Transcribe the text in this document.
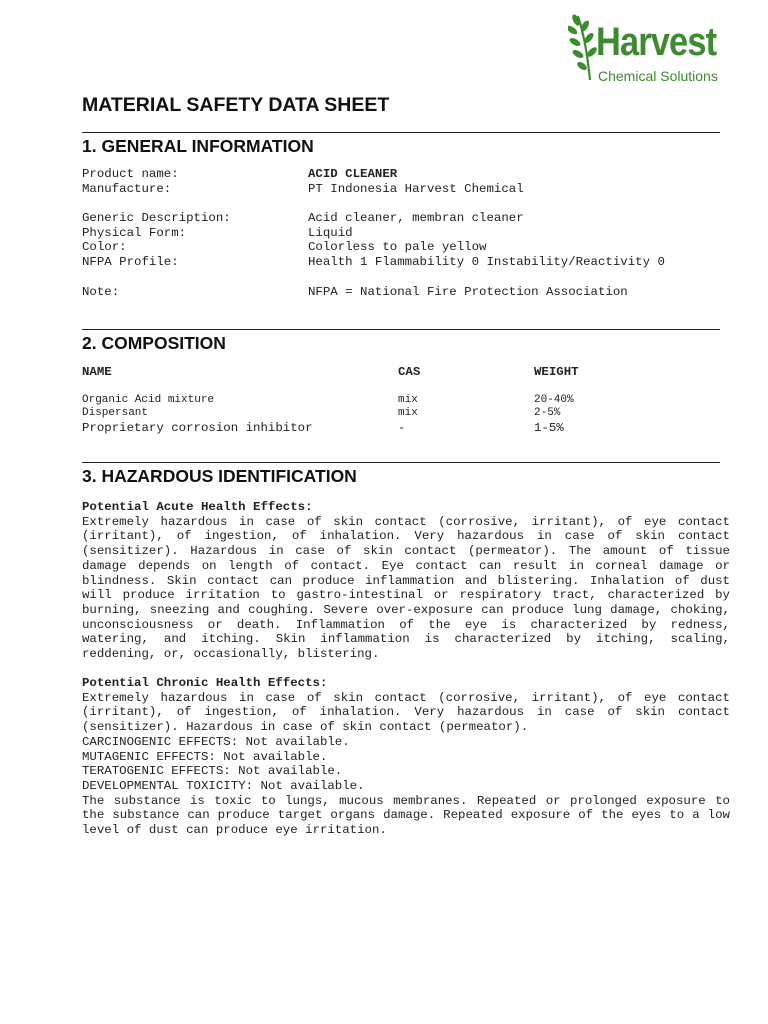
Harvest
Chemical Solutions
MATERIAL SAFETY DATA SHEET
1. GENERAL INFORMATION
Product name:	ACID CLEANER
Manufacture:	PT Indonesia Harvest Chemical
Generic Description:	Acid cleaner, membran cleaner
Physical Form:	Liquid
Color:	Colorless to pale yellow
NFPA Profile:	Health 1 Flammability 0 Instability/Reactivity 0
Note:	NFPA = National Fire Protection Association
2. COMPOSITION
NAME	CAS	WEIGHT
Organic Acid mixture	mix	20-40%
Dispersant	mix	2-5%
Proprietary corrosion inhibitor	-	1-5%
3. HAZARDOUS IDENTIFICATION

Potential Acute Health Effects:

Extremely hazardous in case of skin contact (corrosive, irritant), of eye contact (irritant), of ingestion, of inhalation. Very hazardous in case of skin contact (sensitizer). Hazardous in case of skin contact (permeator). The amount of tissue damage depends on length of contact. Eye contact can result in corneal damage or blindness. Skin contact can produce inflammation and blistering. Inhalation of dust will produce irritation to gastro-intestinal or respiratory tract, characterized by burning, sneezing and coughing. Severe over-exposure can produce lung damage, choking, unconsciousness or death. Inflammation of the eye is characterized by redness, watering, and itching. Skin inflammation is characterized by itching, scaling, reddening, or, occasionally, blistering.

Potential Chronic Health Effects:

Extremely hazardous in case of skin contact (corrosive, irritant), of eye contact (irritant), of ingestion, of inhalation. Very hazardous in case of skin contact (sensitizer). Hazardous in case of skin contact (permeator).

CARCINOGENIC EFFECTS: Not available.

MUTAGENIC EFFECTS: Not available.

TERATOGENIC EFFECTS: Not available.

DEVELOPMENTAL TOXICITY: Not available.

The substance is toxic to lungs, mucous membranes. Repeated or prolonged exposure to the substance can produce target organs damage. Repeated exposure of the eyes to a low level of dust can produce eye irritation.
